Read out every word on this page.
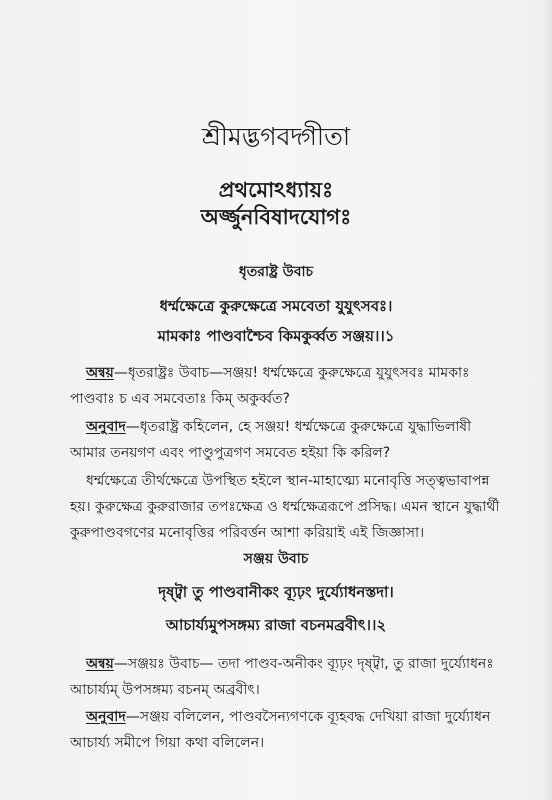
শ্রীমদ্ভগবদ্গীতা
প্রথমোঽধ্যায়ঃ
অর্জ্জুনবিষাদযোগঃ
ধৃতরাষ্ট্র উবাচ
ধর্ম্মক্ষেত্রে কুরুক্ষেত্রে সমবেতা যুযুৎসবঃ।
মামকাঃ পাণ্ডবাশ্চৈব কিমকুর্ব্বত সঞ্জয়।।১
অন্বয়—ধৃতরাষ্ট্রঃ উবাচ—সঞ্জয়! ধর্ম্মক্ষেত্রে কুরুক্ষেত্রে যুযুৎসবঃ মামকাঃ
পাণ্ডবাঃ চ এব সমবেতাঃ কিম্ অকুর্ব্বত?
অনুবাদ—ধৃতরাষ্ট্র কহিলেন, হে সঞ্জয়! ধর্ম্মক্ষেত্রে কুরুক্ষেত্রে যুদ্ধাভিলাষী
আমার তনয়গণ এবং পাণ্ডুপুত্রগণ সমবেত হইয়া কি করিল?
ধর্ম্মক্ষেত্রে তীর্থক্ষেত্রে উপস্থিত হইলে স্থান-মাহাত্ম্যে মনোবৃত্তি সত্ত্বভাবাপন্ন
হয়। কুরুক্ষেত্র কুরুরাজার তপঃক্ষেত্র ও ধর্ম্মক্ষেত্ররূপে প্রসিদ্ধ। এমন স্থানে যুদ্ধার্থী
কুরুপাণ্ডবগণের মনোবৃত্তির পরিবর্ত্তন আশা করিয়াই এই জিজ্ঞাসা।
সঞ্জয় উবাচ
দৃষ্ট্বা তু পাণ্ডবানীকং ব্যূঢ়ং দুর্য্যোধনস্তদা।
আচার্য্যমুপসঙ্গম্য রাজা বচনমব্রবীৎ।।২
অন্বয়—সঞ্জয়ঃ উবাচ— তদা পাণ্ডব-অনীকং ব্যূঢ়ং দৃষ্ট্বা, তু রাজা দুর্য্যোধনঃ
আচার্য্যম্ উপসঙ্গম্য বচনম্ অব্রবীৎ।
অনুবাদ—সঞ্জয় বলিলেন, পাণ্ডবসৈন্যগণকে ব্যূহবদ্ধ দেখিয়া রাজা দুর্য্যোধন
আচার্য্য সমীপে গিয়া কথা বলিলেন।
